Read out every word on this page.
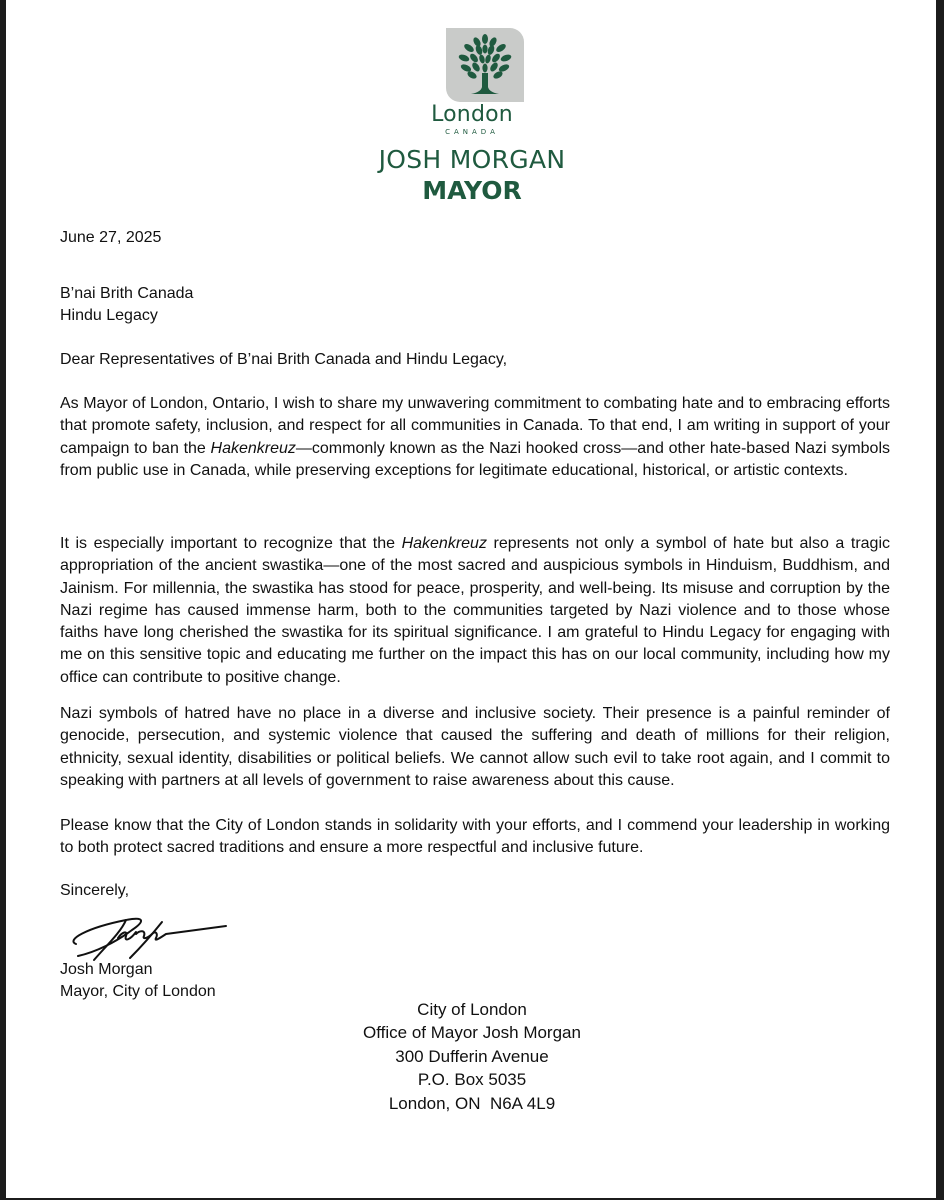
London
CANADA
JOSH MORGAN
MAYOR

June 27, 2025

B’nai Brith Canada

Hindu Legacy

Dear Representatives of B’nai Brith Canada and Hindu Legacy,

As Mayor of London, Ontario, I wish to share my unwavering commitment to combating hate and to embracing efforts that promote safety, inclusion, and respect for all communities in Canada. To that end, I am writing in support of your campaign to ban the Hakenkreuz—commonly known as the Nazi hooked cross—and other hate-based Nazi symbols from public use in Canada, while preserving exceptions for legitimate educational, historical, or artistic contexts.

It is especially important to recognize that the Hakenkreuz represents not only a symbol of hate but also a tragic appropriation of the ancient swastika—one of the most sacred and auspicious symbols in Hinduism, Buddhism, and Jainism. For millennia, the swastika has stood for peace, prosperity, and well-being. Its misuse and corruption by the Nazi regime has caused immense harm, both to the communities targeted by Nazi violence and to those whose faiths have long cherished the swastika for its spiritual significance. I am grateful to Hindu Legacy for engaging with me on this sensitive topic and educating me further on the impact this has on our local community, including how my office can contribute to positive change.

Nazi symbols of hatred have no place in a diverse and inclusive society. Their presence is a painful reminder of genocide, persecution, and systemic violence that caused the suffering and death of millions for their religion, ethnicity, sexual identity, disabilities or political beliefs. We cannot allow such evil to take root again, and I commit to speaking with partners at all levels of government to raise awareness about this cause.

Please know that the City of London stands in solidarity with your efforts, and I commend your leadership in working to both protect sacred traditions and ensure a more respectful and inclusive future.

Sincerely,

Josh Morgan

Mayor, City of London

City of London
Office of Mayor Josh Morgan
300 Dufferin Avenue
P.O. Box 5035
London, ON  N6A 4L9
